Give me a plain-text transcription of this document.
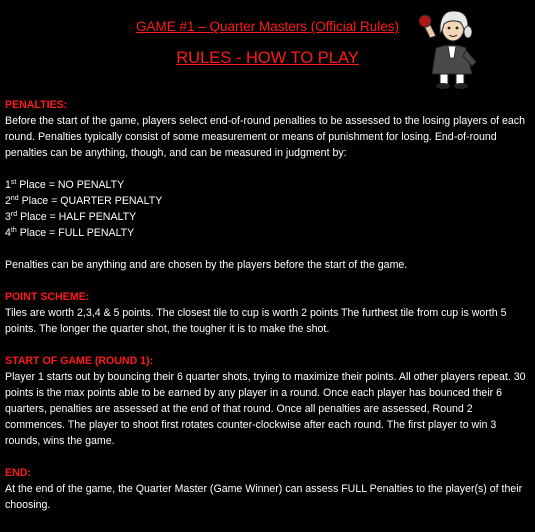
GAME #1 – Quarter Masters (Official Rules)
RULES - HOW TO PLAY
PENALTIES:

Before the start of the game, players select end-of-round penalties to be assessed to the losing players of each round. Penalties typically consist of some measurement or means of punishment for losing. End-of-round penalties can be anything, though, and can be measured in judgment by:

1st Place = NO PENALTY
2nd Place = QUARTER PENALTY
3rd Place = HALF PENALTY
4th Place = FULL PENALTY

Penalties can be anything and are chosen by the players before the start of the game.

POINT SCHEME:

Tiles are worth 2,3,4 & 5 points. The closest tile to cup is worth 2 points The furthest tile from cup is worth 5 points. The longer the quarter shot, the tougher it is to make the shot.

START OF GAME (ROUND 1):

Player 1 starts out by bouncing their 6 quarter shots, trying to maximize their points. All other players repeat. 30 points is the max points able to be earned by any player in a round. Once each player has bounced their 6 quarters, penalties are assessed at the end of that round. Once all penalties are assessed, Round 2 commences. The player to shoot first rotates counter-clockwise after each round. The first player to win 3 rounds, wins the game.

END:

At the end of the game, the Quarter Master (Game Winner) can assess FULL Penalties to the player(s) of their choosing.
